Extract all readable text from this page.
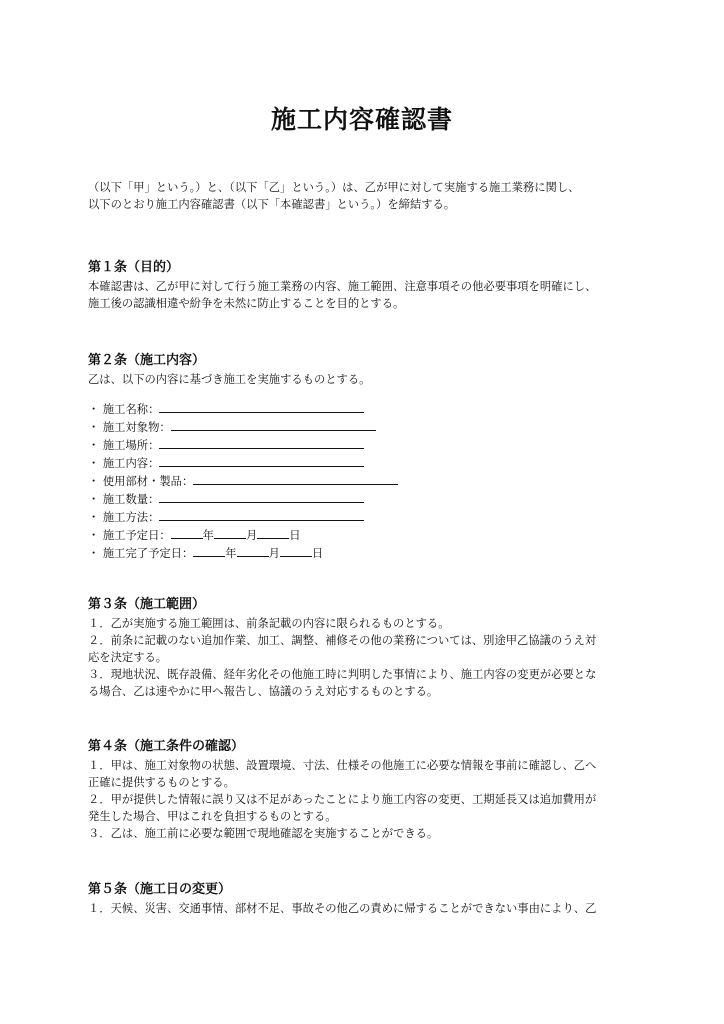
施工内容確認書
（以下「甲」という。）と、（以下「乙」という。）は、乙が甲に対して実施する施工業務に関し、
以下のとおり施工内容確認書（以下「本確認書」という。）を締結する。
第１条（目的）
本確認書は、乙が甲に対して行う施工業務の内容、施工範囲、注意事項その他必要事項を明確にし、
施工後の認識相違や紛争を未然に防止することを目的とする。
第２条（施工内容）
乙は、以下の内容に基づき施工を実施するものとする。
・ 施工名称：
・ 施工対象物：
・ 施工場所：
・ 施工内容：
・ 使用部材・製品：
・ 施工数量：
・ 施工方法：
・ 施工予定日：	年	月	日
・ 施工完了予定日：	年	月	日
第３条（施工範囲）
１．乙が実施する施工範囲は、前条記載の内容に限られるものとする。
２．前条に記載のない追加作業、加工、調整、補修その他の業務については、別途甲乙協議のうえ対
応を決定する。
３．現地状況、既存設備、経年劣化その他施工時に判明した事情により、施工内容の変更が必要とな
る場合、乙は速やかに甲へ報告し、協議のうえ対応するものとする。
第４条（施工条件の確認）
１．甲は、施工対象物の状態、設置環境、寸法、仕様その他施工に必要な情報を事前に確認し、乙へ
正確に提供するものとする。
２．甲が提供した情報に誤り又は不足があったことにより施工内容の変更、工期延長又は追加費用が
発生した場合、甲はこれを負担するものとする。
３．乙は、施工前に必要な範囲で現地確認を実施することができる。
第５条（施工日の変更）
１．天候、災害、交通事情、部材不足、事故その他乙の責めに帰することができない事由により、乙
